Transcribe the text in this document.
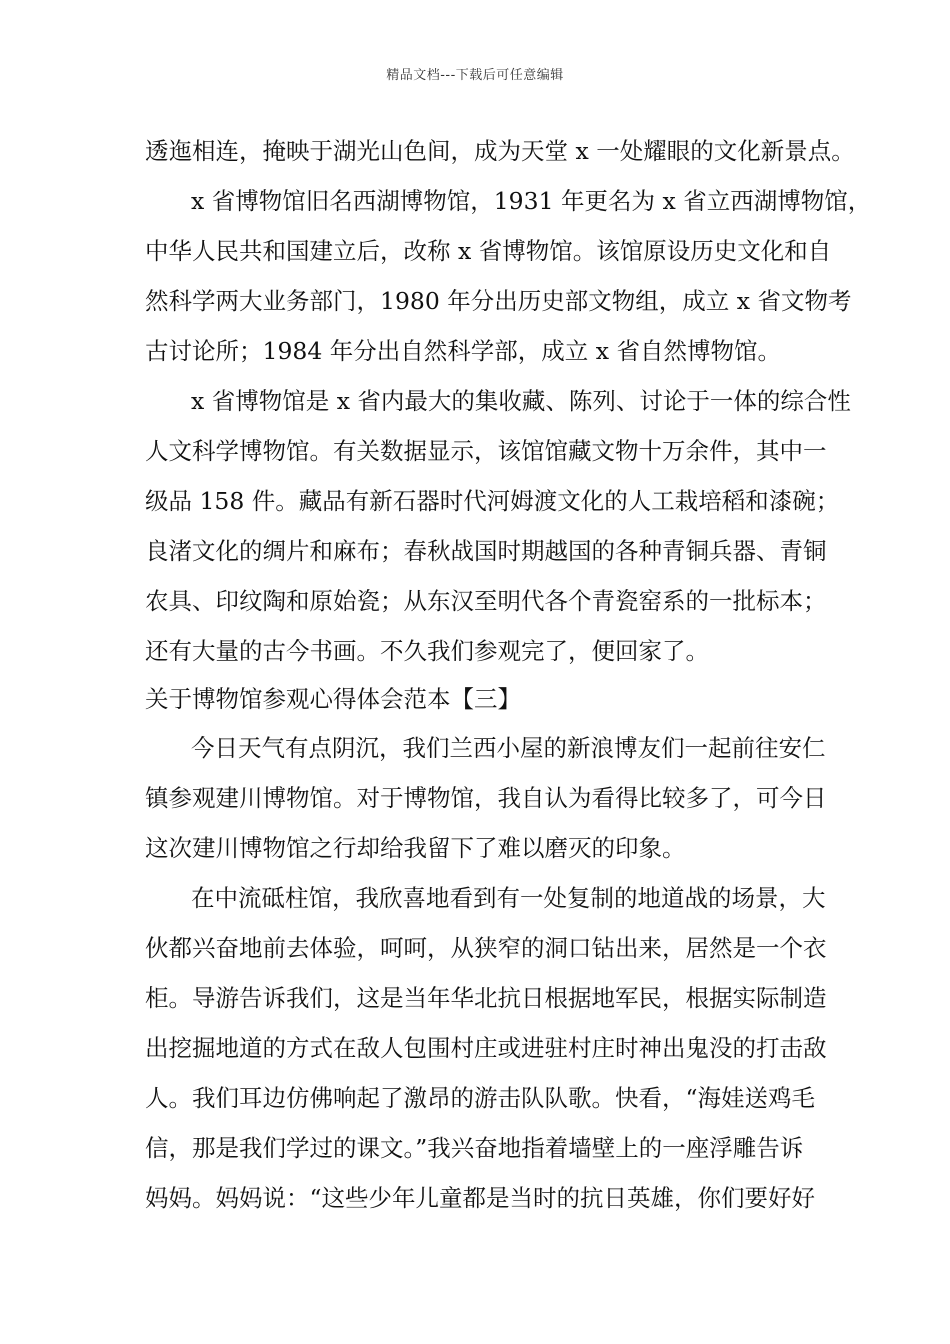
精品文档---下载后可任意编辑
透迤相连，掩映于湖光山色间，成为天堂 x 一处耀眼的文化新景点。
x 省博物馆旧名西湖博物馆，1931 年更名为 x 省立西湖博物馆，
中华人民共和国建立后，改称 x 省博物馆。该馆原设历史文化和自
然科学两大业务部门，1980 年分出历史部文物组，成立 x 省文物考
古讨论所；1984 年分出自然科学部，成立 x 省自然博物馆。
x 省博物馆是 x 省内最大的集收藏、陈列、讨论于一体的综合性
人文科学博物馆。有关数据显示，该馆馆藏文物十万余件，其中一
级品 158 件。藏品有新石器时代河姆渡文化的人工栽培稻和漆碗；
良渚文化的绸片和麻布；春秋战国时期越国的各种青铜兵器、青铜
农具、印纹陶和原始瓷；从东汉至明代各个青瓷窑系的一批标本；
还有大量的古今书画。不久我们参观完了，便回家了。
关于博物馆参观心得体会范本【三】
今日天气有点阴沉，我们兰西小屋的新浪博友们一起前往安仁
镇参观建川博物馆。对于博物馆，我自认为看得比较多了，可今日
这次建川博物馆之行却给我留下了难以磨灭的印象。
在中流砥柱馆，我欣喜地看到有一处复制的地道战的场景，大
伙都兴奋地前去体验，呵呵，从狭窄的洞口钻出来，居然是一个衣
柜。导游告诉我们，这是当年华北抗日根据地军民，根据实际制造
出挖掘地道的方式在敌人包围村庄或进驻村庄时神出鬼没的打击敌
人。我们耳边仿佛响起了激昂的游击队队歌。快看，“海娃送鸡毛
信，那是我们学过的课文。”我兴奋地指着墙壁上的一座浮雕告诉
妈妈。妈妈说：“这些少年儿童都是当时的抗日英雄，你们要好好
